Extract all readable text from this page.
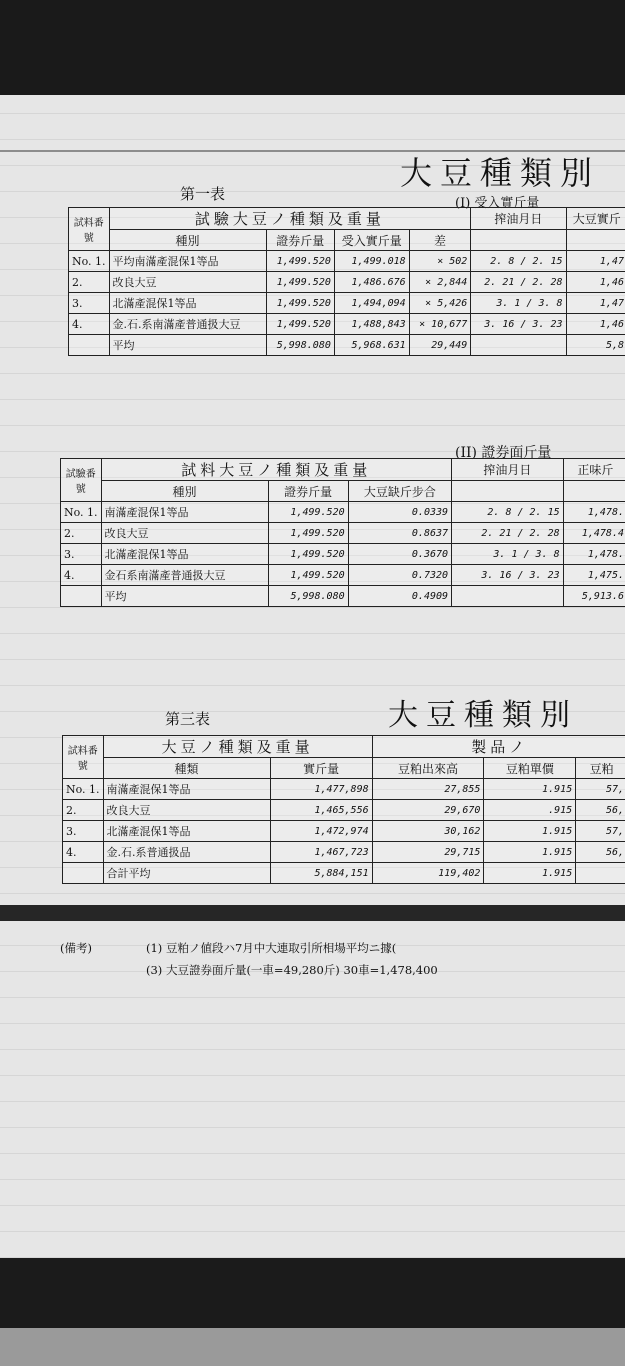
大豆種類別
(I) 受入實斤量
第一表
試料番號	試驗大豆ノ種類及重量				搾油月日	大豆實斤
	種別	證券斤量	受入實斤量	差		
No. 1.	平均南滿產混保1等品	1,499.520	1,499.018	× 502	2. 8 / 2. 15	1,47
2.	改良大豆	1,499.520	1,486.676	× 2,844	2. 21 / 2. 28	1,46
3.	北滿產混保1等品	1,499.520	1,494,094	× 5,426	3. 1 / 3. 8	1,47
4.	金.石.系南滿產普通扱大豆	1,499.520	1,488,843	× 10,677	3. 16 / 3. 23	1,46
	平均	5,998.080	5,968.631	29,449		5,8
(II) 證券面斤量
試驗番號	試料大豆ノ種類及重量			搾油月日	正味斤
	種別	證券斤量	大豆缺斤步合		
No. 1.	南滿產混保1等品	1,499.520	0.0339	2. 8 / 2. 15	1,478.
2.	改良大豆	1,499.520	0.8637	2. 21 / 2. 28	1,478.4
3.	北滿產混保1等品	1,499.520	0.3670	3. 1 / 3. 8	1,478.
4.	金石系南滿產普通扱大豆	1,499.520	0.7320	3. 16 / 3. 23	1,475.
	平均	5,998.080	0.4909		5,913.6
第三表	大豆種類別
試料番號	大豆ノ種類及重量		製品ノ		
	種類	實斤量	豆粕出來高	豆粕單價	豆粕
No. 1.	南滿產混保1等品	1,477,898	27,855	1.915	57,
2.	改良大豆	1,465,556	29,670	.915	56,
3.	北滿產混保1等品	1,472,974	30,162	1.915	57,
4.	金.石.系普通扱品	1,467,723	29,715	1.915	56,
	合計平均	5,884,151	119,402	1.915	
(備考)	(1) 豆粕ノ値段ハ7月中大連取引所相場平均ニ據(
(3) 大豆證券面斤量(一車=49,280斤) 30車=1,478,400
